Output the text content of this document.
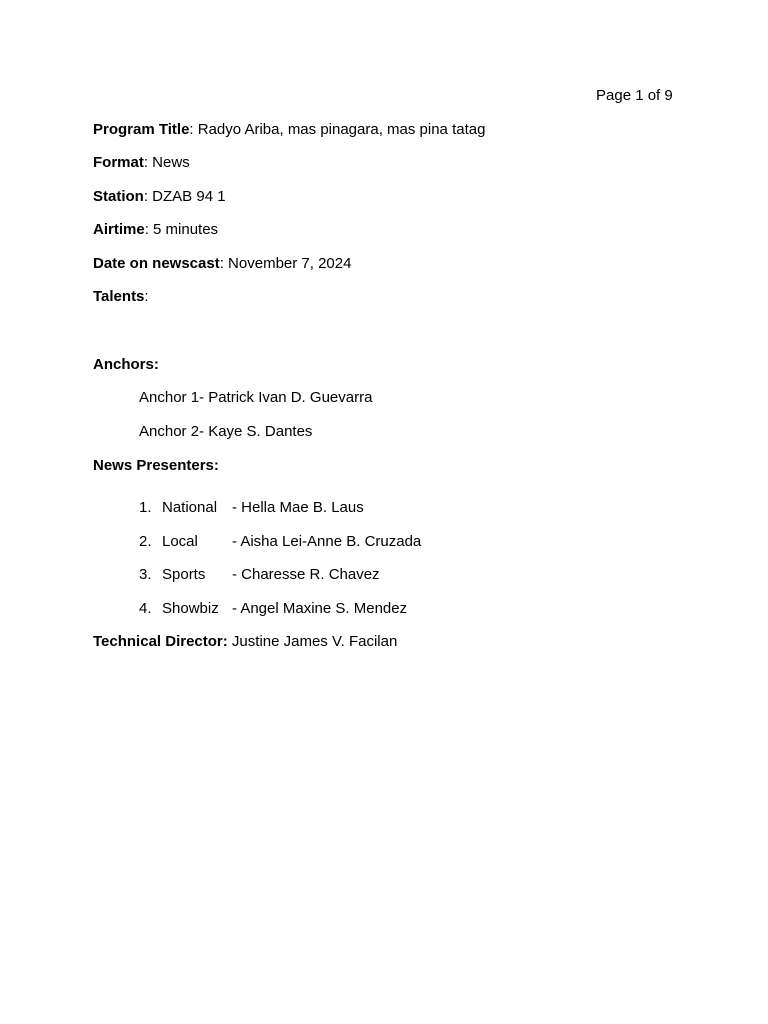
Page 1 of 9
Program Title: Radyo Ariba, mas pinagara, mas pina tatag
Format: News
Station: DZAB 94 1
Airtime: 5 minutes
Date on newscast: November 7, 2024
Talents:
Anchors:
Anchor 1- Patrick Ivan D. Guevarra
Anchor 2- Kaye S. Dantes
News Presenters:
1. National - Hella Mae B. Laus
2. Local - Aisha Lei-Anne B. Cruzada
3. Sports - Charesse R. Chavez
4. Showbiz - Angel Maxine S. Mendez
Technical Director: Justine James V. Facilan
